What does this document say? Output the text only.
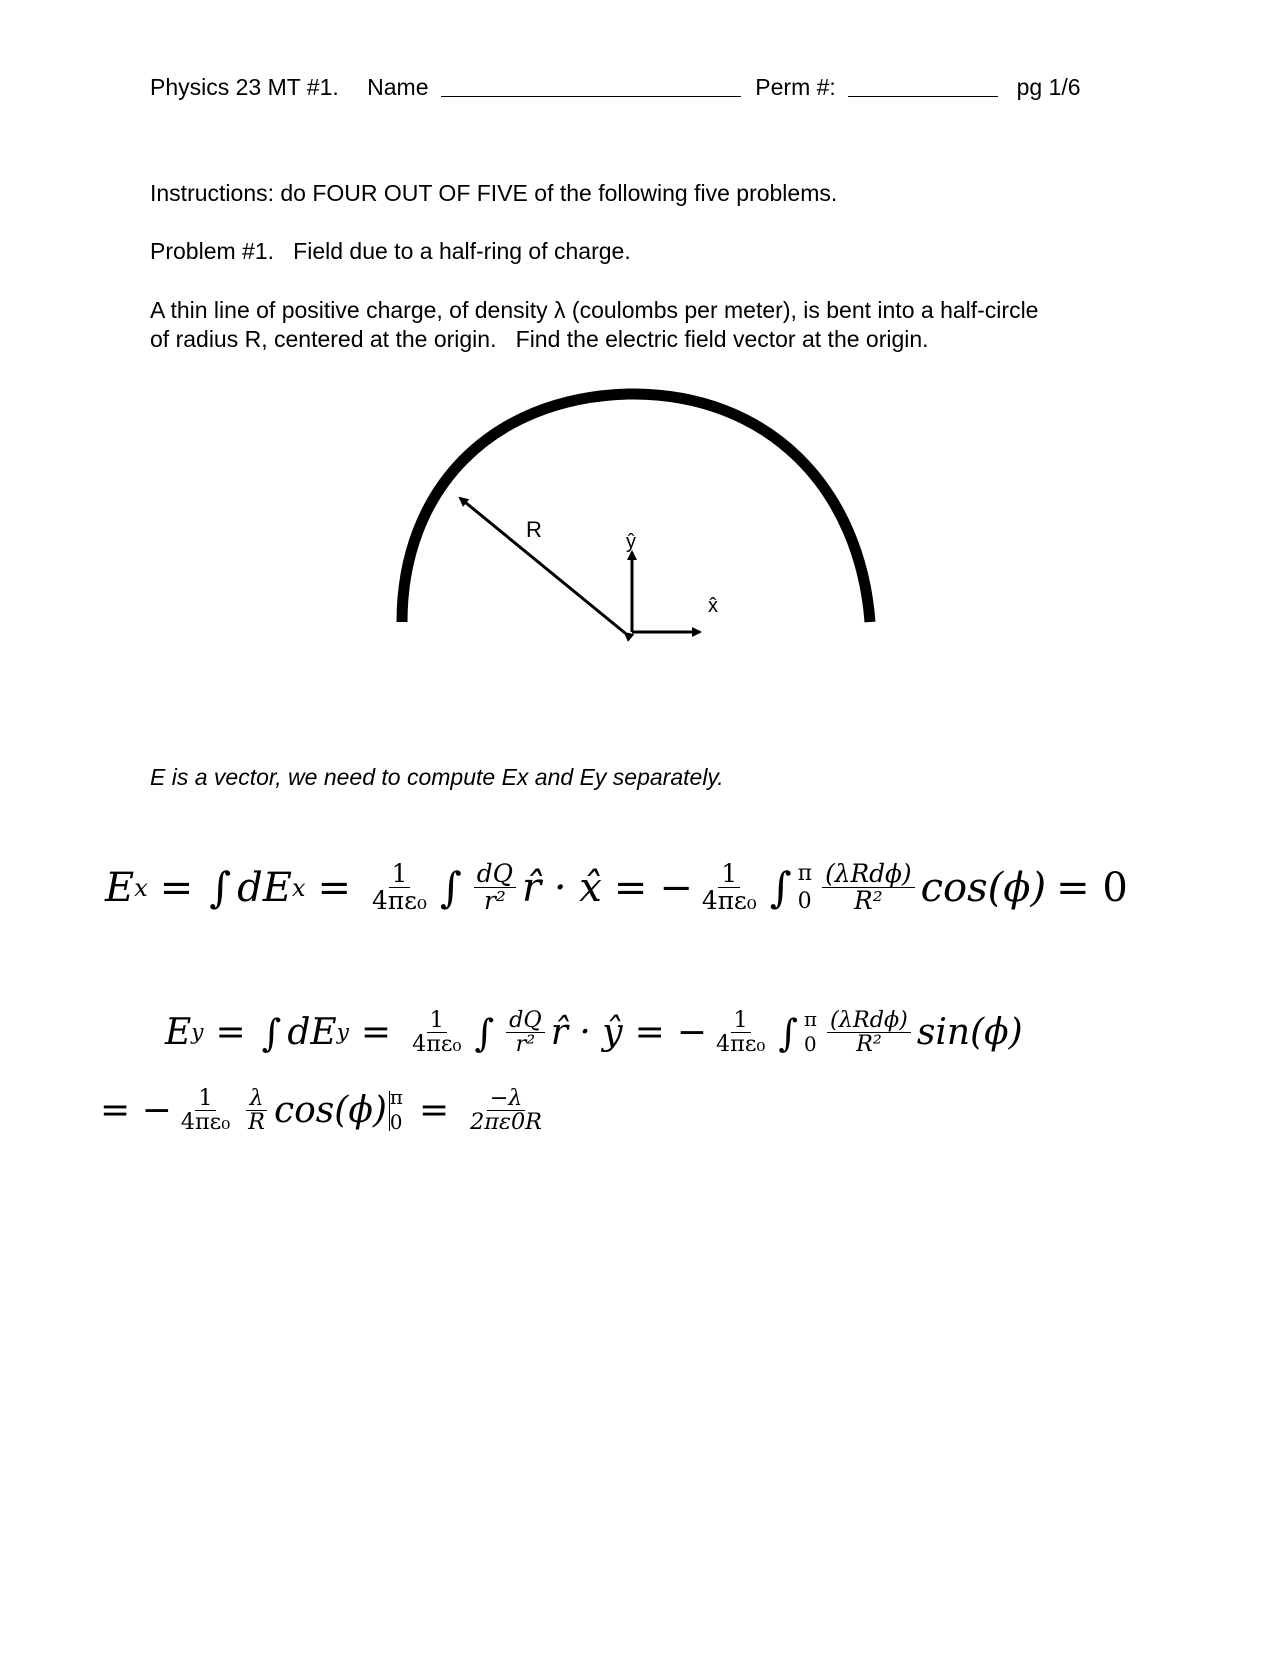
Physics 23 MT #1. Name	Perm #:	pg 1/6
Instructions: do FOUR OUT OF FIVE of the following five problems.
Problem #1.   Field due to a half-ring of charge.
A thin line of positive charge, of density λ (coulombs per meter), is bent into a half-circle
of radius R, centered at the origin.   Find the electric field vector at the origin.
R	ŷ
x̂
E is a vector, we need to compute Ex and Ey separately.
E x = ∫ dE $x = \frac{1}{\text{4πε₀}}$ ∫ $\frac{dQ}{\text{r²}}$ r̂ · x̂ = − $\frac{1}{\text{4πε₀}}$ ∫ π
$0 \frac{\text{(λRdϕ)}}{\text{R²}} \cos(\phi) = 0$
E y = ∫ dE $y = \frac{1}{\text{4πε₀}}$ ∫ $\frac{dQ}{\text{r²}}$ r̂ · ŷ = − $\frac{1}{\text{4πε₀}}$ ∫ π
$0 \frac{\text{(λRdϕ)}}{\text{R²}} \sin(\phi)$
= − $\frac{1}{\text{4πε₀}} \frac{\lambda}{R} \cos(\phi)$ π
$0 = \frac{-\lambda}{2\pi\varepsilon 0R}$
